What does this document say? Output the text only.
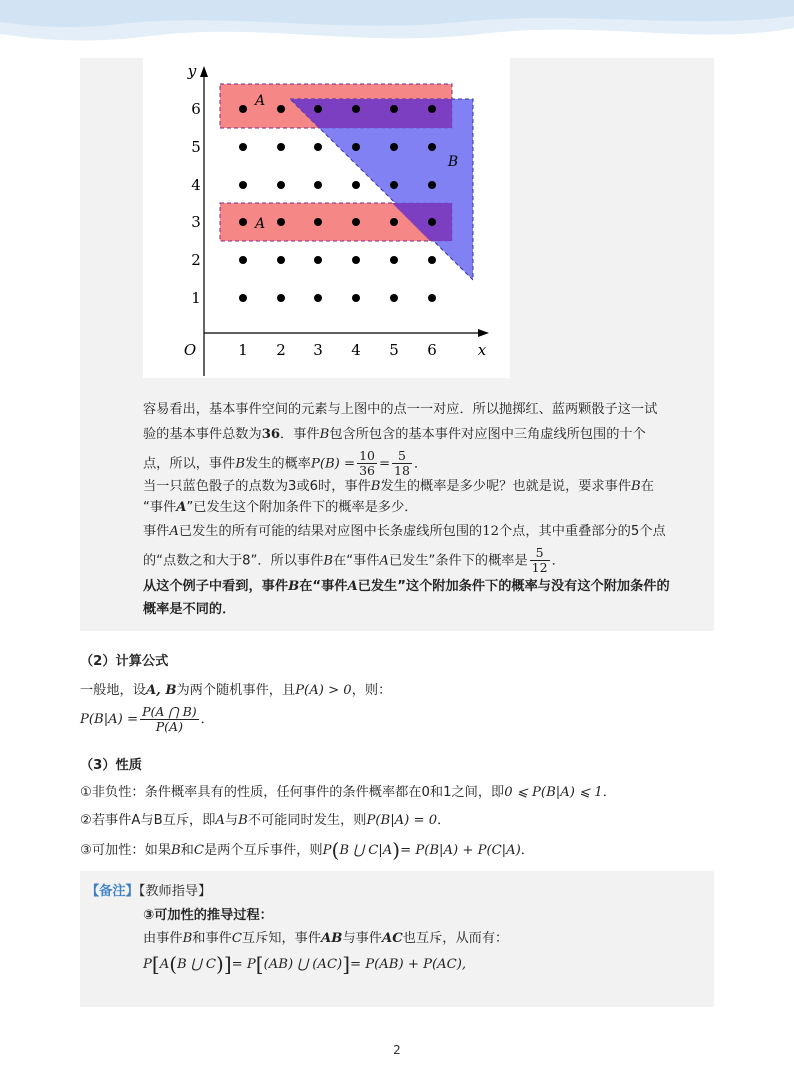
1 2 3 4 5 6
1
2
3
4
5
6
O	x
y
A
A
B
容易看出，基本事件空间的元素与上图中的点一一对应．所以抛掷红、蓝两颗骰子这一试
验的基本事件总数为36．事件B包含所包含的基本事件对应图中三角虚线所包围的十个
点，所以，事件B发生的概率$P(B) = \frac{10}{36} = \frac{5}{18}$ ．
当一只蓝色骰子的点数为3或6时，事件B发生的概率是多少呢？也就是说，要求事件B在
“事件A”已发生这个附加条件下的概率是多少．
事件A已发生的所有可能的结果对应图中长条虚线所包围的12个点，其中重叠部分的5个点
的“点数之和大于8”．所以事件B在“事件A已发生”条件下的概率是 $\frac{5}{12}$ ．
从这个例子中看到，事件B在“事件A已发生”这个附加条件下的概率与没有这个附加条件的
概率是不同的．
（2）计算公式
一般地，设A, B为两个随机事件，且P(A) > 0，则：
$P(B|A) = \frac{P(A ⋂ B)}{P(A)}$ ．
（3）性质
①非负性：条件概率具有的性质，任何事件的条件概率都在0和1之间，即0 ⩽ P(B|A) ⩽ 1．
②若事件A与B互斥，即A与B不可能同时发生，则P(B|A) = 0．
③可加性：如果B和C是两个互斥事件，则P(B ⋃ C|A)= P(B|A) + P(C|A)．
【备注】【教师指导】
③可加性的推导过程：
由事件B和事件C互斥知，事件AB与事件AC也互斥，从而有：
P[A(B ⋃ C)]= P[(AB) ⋃ (AC)]= P(AB) + P(AC),
2
